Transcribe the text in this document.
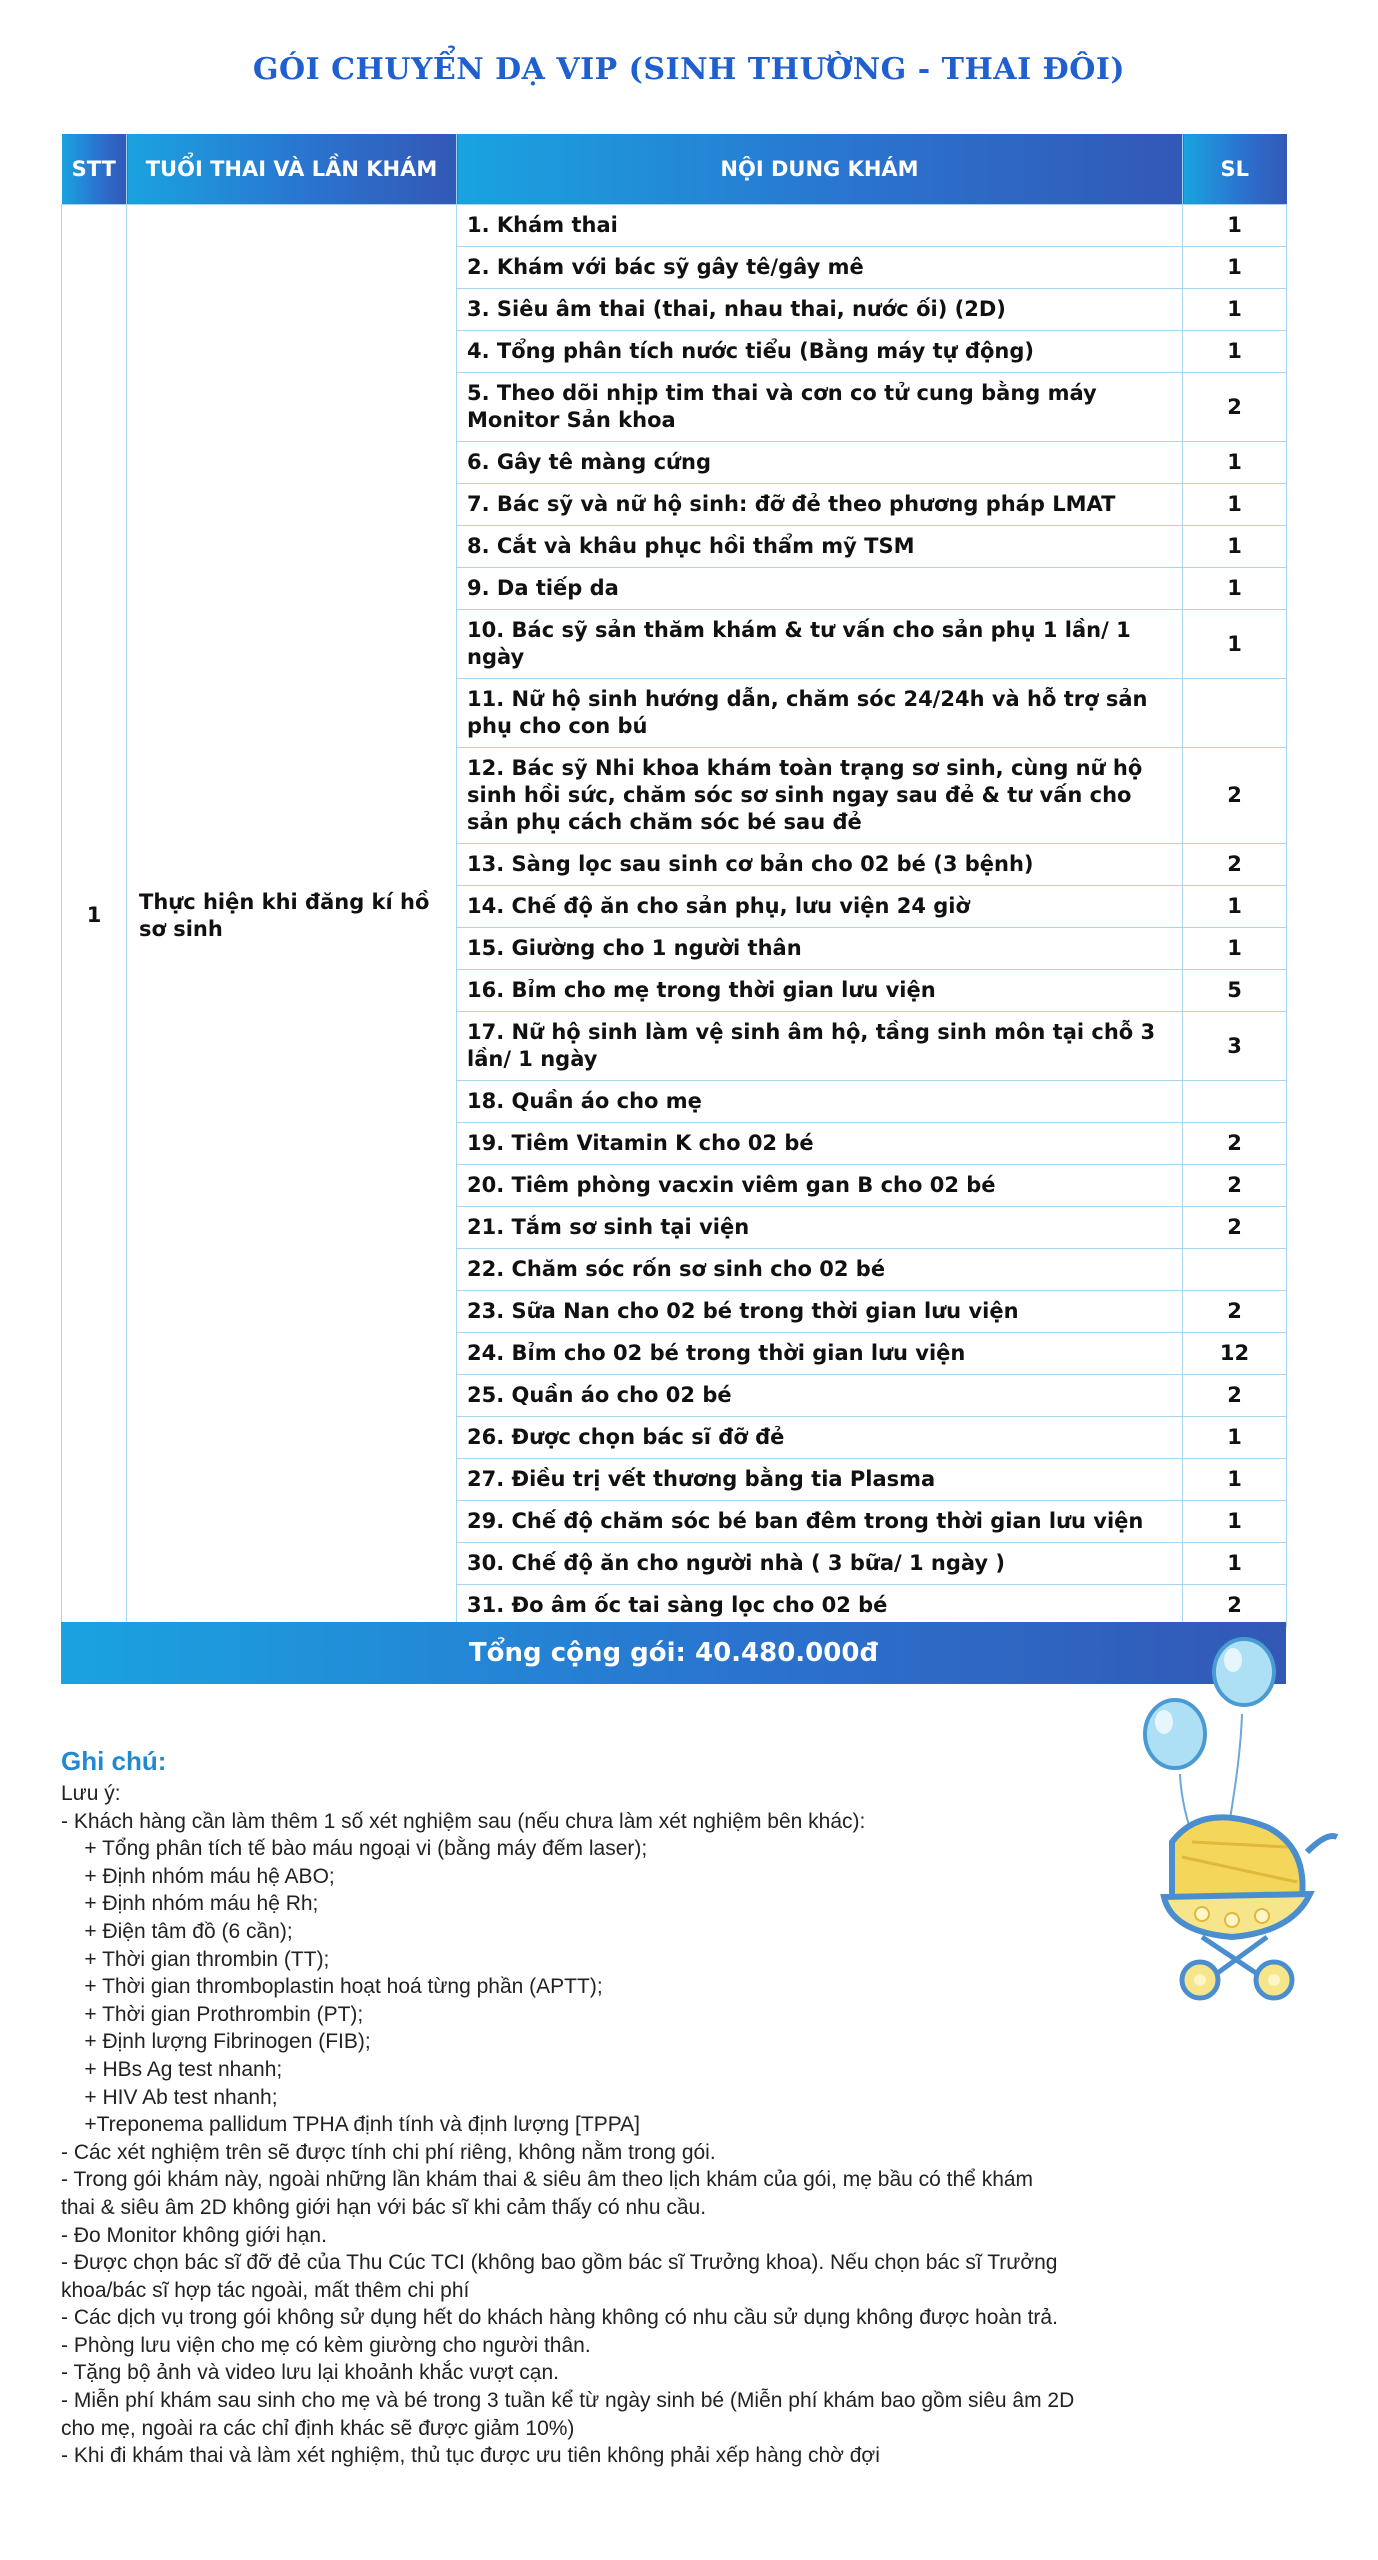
GÓI CHUYỂN DẠ VIP (SINH THƯỜNG - THAI ĐÔI)
STT	TUỔI THAI VÀ LẦN KHÁM	NỘI DUNG KHÁM	SL
1	Thực hiện khi đăng kí hồ sơ sinh	1. Khám thai	1
		2. Khám với bác sỹ gây tê/gây mê	1
		3. Siêu âm thai (thai, nhau thai, nước ối) (2D)	1
		4. Tổng phân tích nước tiểu (Bằng máy tự động)	1
		5. Theo dõi nhịp tim thai và cơn co tử cung bằng máy Monitor Sản khoa	2
		6. Gây tê màng cứng	1
		7. Bác sỹ và nữ hộ sinh: đỡ đẻ theo phương pháp LMAT	1
		8. Cắt và khâu phục hồi thẩm mỹ TSM	1
		9. Da tiếp da	1
		10. Bác sỹ sản thăm khám & tư vấn cho sản phụ 1 lần/ 1 ngày	1
		11. Nữ hộ sinh hướng dẫn, chăm sóc 24/24h và hỗ trợ sản phụ cho con bú	
		12. Bác sỹ Nhi khoa khám toàn trạng sơ sinh, cùng nữ hộ sinh hồi sức, chăm sóc sơ sinh ngay sau đẻ & tư vấn cho sản phụ cách chăm sóc bé sau đẻ	2
		13. Sàng lọc sau sinh cơ bản cho 02 bé (3 bệnh)	2
		14. Chế độ ăn cho sản phụ, lưu viện 24 giờ	1
		15. Giường cho 1 người thân	1
		16. Bỉm cho mẹ trong thời gian lưu viện	5
		17. Nữ hộ sinh làm vệ sinh âm hộ, tầng sinh môn tại chỗ 3 lần/ 1 ngày	3
		18. Quần áo cho mẹ	
		19. Tiêm Vitamin K cho 02 bé	2
		20. Tiêm phòng vacxin viêm gan B cho 02 bé	2
		21. Tắm sơ sinh tại viện	2
		22. Chăm sóc rốn sơ sinh cho 02 bé	
		23. Sữa Nan cho 02 bé trong thời gian lưu viện	2
		24. Bỉm cho 02 bé trong thời gian lưu viện	12
		25. Quần áo cho 02 bé	2
		26. Được chọn bác sĩ đỡ đẻ	1
		27. Điều trị vết thương bằng tia Plasma	1
		29. Chế độ chăm sóc bé ban đêm trong thời gian lưu viện	1
		30. Chế độ ăn cho người nhà ( 3 bữa/ 1 ngày )	1
		31. Đo âm ốc tai sàng lọc cho 02 bé	2
Tổng cộng gói: 40.480.000đ
Ghi chú:
Lưu ý:
- Khách hàng cần làm thêm 1 số xét nghiệm sau (nếu chưa làm xét nghiệm bên khác):
+ Tổng phân tích tế bào máu ngoại vi (bằng máy đếm laser);
+ Định nhóm máu hệ ABO;
+ Định nhóm máu hệ Rh;
+ Điện tâm đồ (6 cần);
+ Thời gian thrombin (TT);
+ Thời gian thromboplastin hoạt hoá từng phần (APTT);
+ Thời gian Prothrombin (PT);
+ Định lượng Fibrinogen (FIB);
+ HBs Ag test nhanh;
+ HIV Ab test nhanh;
+Treponema pallidum TPHA định tính và định lượng [TPPA]
- Các xét nghiệm trên sẽ được tính chi phí riêng, không nằm trong gói.
- Trong gói khám này, ngoài những lần khám thai & siêu âm theo lịch khám của gói, mẹ bầu có thể khám
thai & siêu âm 2D không giới hạn với bác sĩ khi cảm thấy có nhu cầu.
- Đo Monitor không giới hạn.
- Được chọn bác sĩ đỡ đẻ của Thu Cúc TCI (không bao gồm bác sĩ Trưởng khoa). Nếu chọn bác sĩ Trưởng
khoa/bác sĩ hợp tác ngoài, mất thêm chi phí
- Các dịch vụ trong gói không sử dụng hết do khách hàng không có nhu cầu sử dụng không được hoàn trả.
- Phòng lưu viện cho mẹ có kèm giường cho người thân.
- Tặng bộ ảnh và video lưu lại khoảnh khắc vượt cạn.
- Miễn phí khám sau sinh cho mẹ và bé trong 3 tuần kể từ ngày sinh bé (Miễn phí khám bao gồm siêu âm 2D
cho mẹ, ngoài ra các chỉ định khác sẽ được giảm 10%)
- Khi đi khám thai và làm xét nghiệm, thủ tục được ưu tiên không phải xếp hàng chờ đợi
